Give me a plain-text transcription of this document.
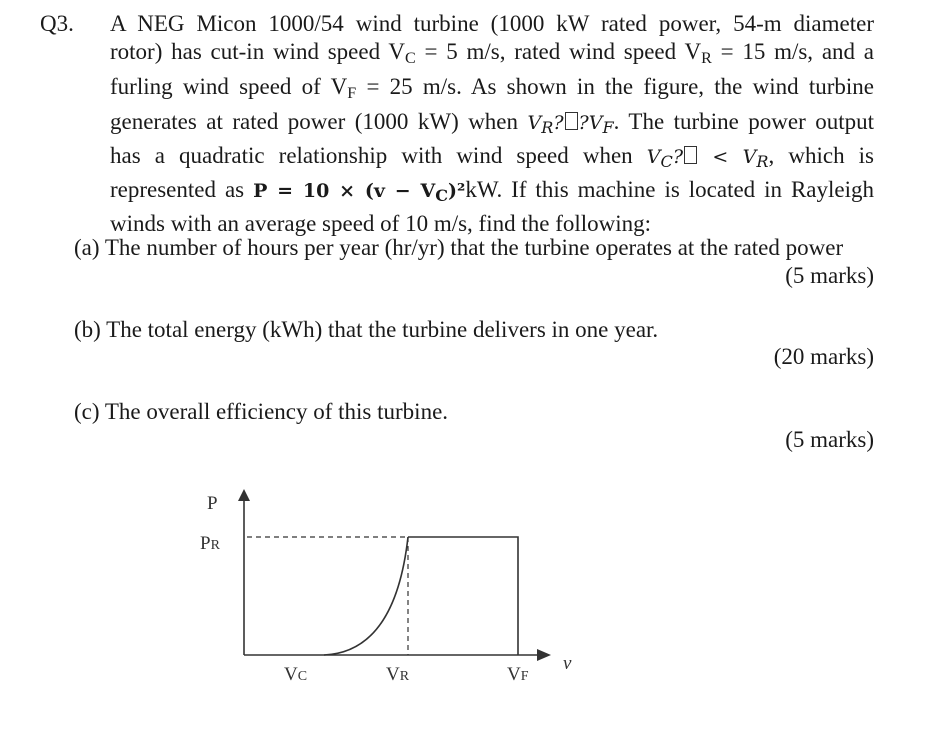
Q3. A NEG Micon 1000/54 wind turbine (1000 kW rated power, 54-m diameter
rotor) has cut-in wind speed $V_C = 5$ m/s, rated wind speed $V_R = 15$ m/s, and a
furling wind speed of $V_F = 25$ m/s. As shown in the figure, the wind turbine
generates at rated power (1000 kW) when $V_R$? $?V_F$. The turbine power output
has a quadratic relationship with wind speed when $V_C$? < $V_R$, which is
represented as $P = 10 \times (v - V_C)^2kW$. If this machine is located in Rayleigh
winds with an average speed of 10 m/s, find the following:
(a) The number of hours per year (hr/yr) that the turbine operates at the rated power
(5 marks)
(b) The total energy (kWh) that the turbine delivers in one year.
(20 marks)
(c) The overall efficiency of this turbine.
(5 marks)
P
PR
v
VC	VR	VF
